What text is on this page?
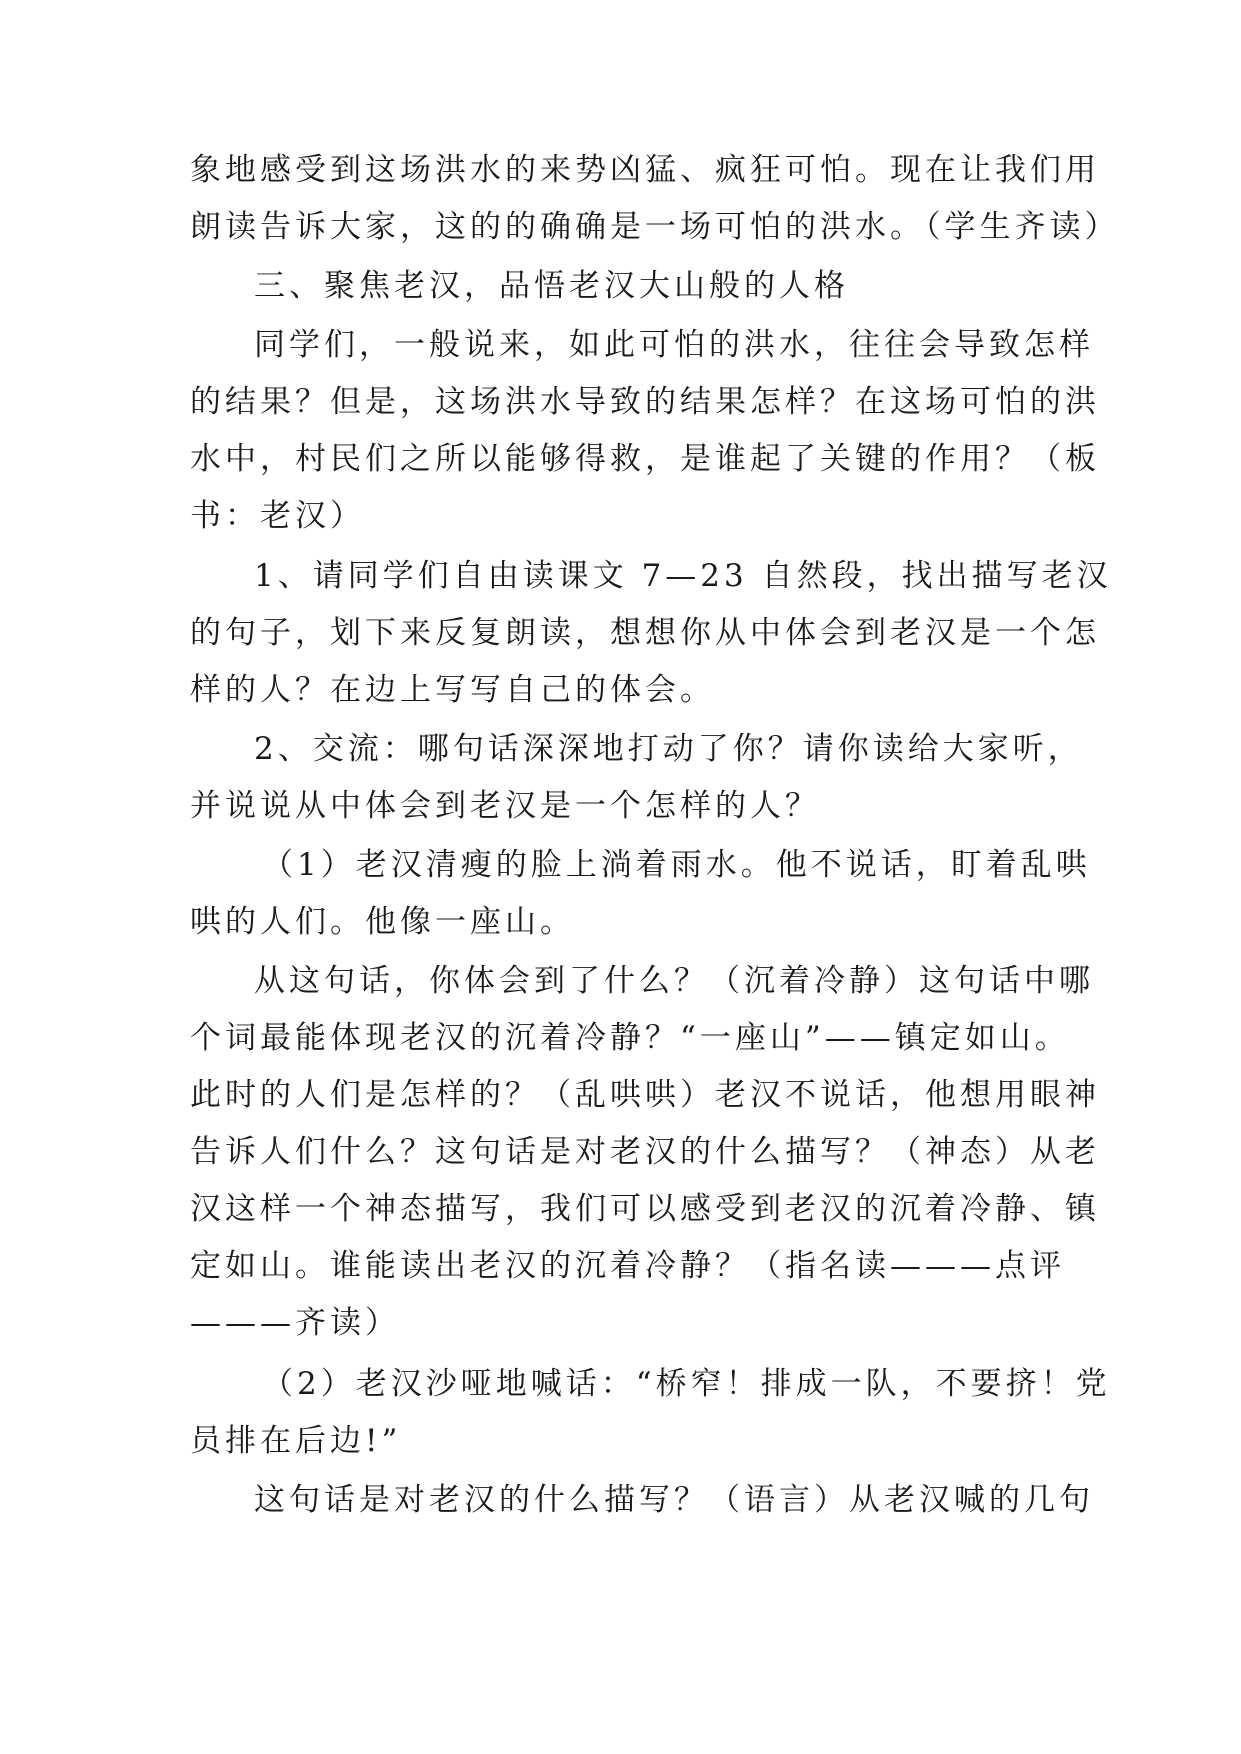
象地感受到这场洪水的来势凶猛、疯狂可怕。现在让我们用
朗读告诉大家，这的的确确是一场可怕的洪水。（学生齐读）
三、聚焦老汉，品悟老汉大山般的人格
同学们，一般说来，如此可怕的洪水，往往会导致怎样
的结果？但是，这场洪水导致的结果怎样？在这场可怕的洪
水中，村民们之所以能够得救，是谁起了关键的作用？（板
书：老汉）
1、请同学们自由读课文 7—23 自然段，找出描写老汉
的句子，划下来反复朗读，想想你从中体会到老汉是一个怎
样的人？在边上写写自己的体会。
2、交流：哪句话深深地打动了你？请你读给大家听，
并说说从中体会到老汉是一个怎样的人？
（1）老汉清瘦的脸上淌着雨水。他不说话，盯着乱哄
哄的人们。他像一座山。
从这句话，你体会到了什么？（沉着冷静）这句话中哪
个词最能体现老汉的沉着冷静？“一座山”——镇定如山。
此时的人们是怎样的？（乱哄哄）老汉不说话，他想用眼神
告诉人们什么？这句话是对老汉的什么描写？（神态）从老
汉这样一个神态描写，我们可以感受到老汉的沉着冷静、镇
定如山。谁能读出老汉的沉着冷静？（指名读———点评
———齐读）
（2）老汉沙哑地喊话：“桥窄！排成一队，不要挤！党
员排在后边!”
这句话是对老汉的什么描写？（语言）从老汉喊的几句
